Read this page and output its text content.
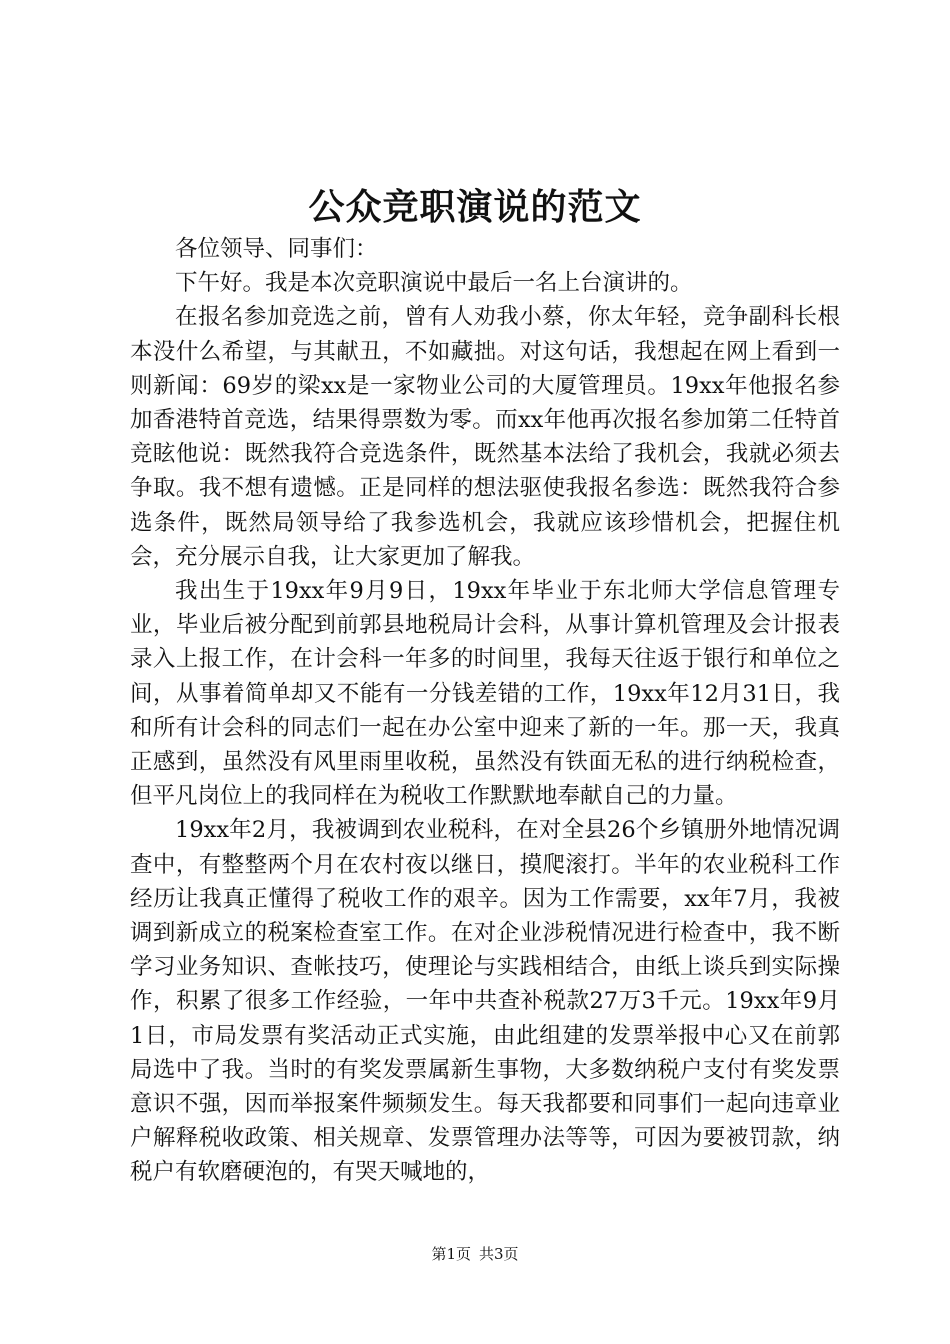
公众竞职演说的范文

各位领导、同事们：

下午好。我是本次竞职演说中最后一名上台演讲的。

在报名参加竞选之前，曾有人劝我小蔡，你太年轻，竞争副科长根本没什么希望，与其献丑，不如藏拙。对这句话，我想起在网上看到一则新闻：69岁的梁xx是一家物业公司的大厦管理员。19xx年他报名参加香港特首竞选，结果得票数为零。而xx年他再次报名参加第二任特首竞眩他说：既然我符合竞选条件，既然基本法给了我机会，我就必须去争取。我不想有遗憾。正是同样的想法驱使我报名参选：既然我符合参选条件，既然局领导给了我参选机会，我就应该珍惜机会，把握住机会，充分展示自我，让大家更加了解我。

我出生于19xx年9月9日，19xx年毕业于东北师大学信息管理专业，毕业后被分配到前郭县地税局计会科，从事计算机管理及会计报表录入上报工作，在计会科一年多的时间里，我每天往返于银行和单位之间，从事着简单却又不能有一分钱差错的工作，19xx年12月31日，我和所有计会科的同志们一起在办公室中迎来了新的一年。那一天，我真正感到，虽然没有风里雨里收税，虽然没有铁面无私的进行纳税检查，但平凡岗位上的我同样在为税收工作默默地奉献自己的力量。

19xx年2月，我被调到农业税科，在对全县26个乡镇册外地情况调查中，有整整两个月在农村夜以继日，摸爬滚打。半年的农业税科工作经历让我真正懂得了税收工作的艰辛。因为工作需要，xx年7月，我被调到新成立的税案检查室工作。在对企业涉税情况进行检查中，我不断学习业务知识、查帐技巧，使理论与实践相结合，由纸上谈兵到实际操作，积累了很多工作经验，一年中共查补税款27万3千元。19xx年9月1日，市局发票有奖活动正式实施，由此组建的发票举报中心又在前郭局选中了我。当时的有奖发票属新生事物，大多数纳税户支付有奖发票意识不强，因而举报案件频频发生。每天我都要和同事们一起向违章业户解释税收政策、相关规章、发票管理办法等等，可因为要被罚款，纳税户有软磨硬泡的，有哭天喊地的，

第1页 共3页
